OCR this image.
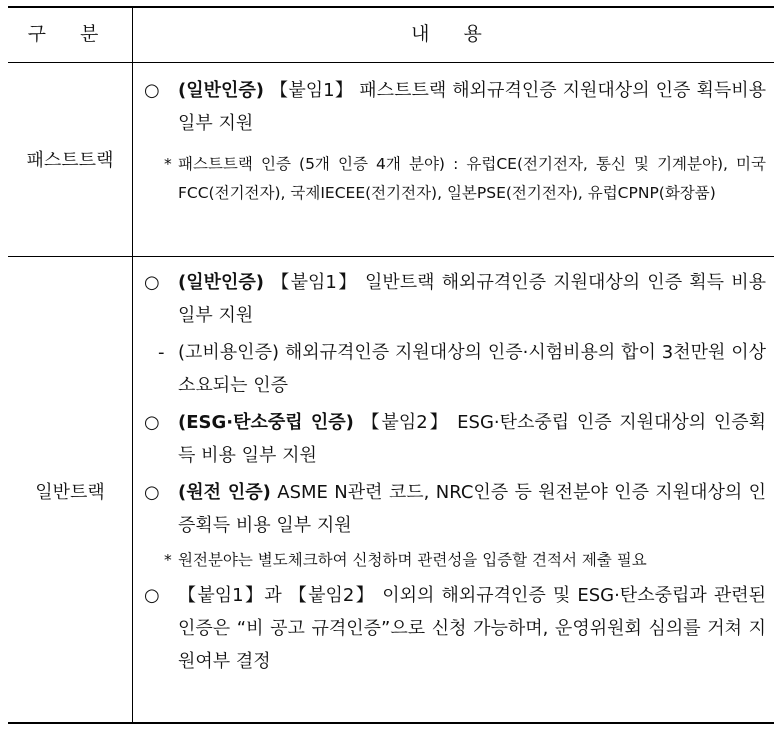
구 분	내 용
패스트트랙
○ (일반인증) 【붙임1】 패스트트랙 해외규격인증 지원대상의 인증 획득비용 일부 지원
* 패스트트랙 인증 (5개 인증 4개 분야) : 유럽CE(전기전자, 통신 및 기계분야), 미국FCC(전기전자), 국제IECEE(전기전자), 일본PSE(전기전자), 유럽CPNP(화장품)
일반트랙
○ (일반인증) 【붙임1】 일반트랙 해외규격인증 지원대상의 인증 획득 비용 일부 지원
- (고비용인증) 해외규격인증 지원대상의 인증·시험비용의 합이 3천만원 이상 소요되는 인증
○ (ESG·탄소중립 인증) 【붙임2】 ESG·탄소중립 인증 지원대상의 인증획득 비용 일부 지원
○ (원전 인증) ASME N관련 코드, NRC인증 등 원전분야 인증 지원대상의 인증획득 비용 일부 지원
* 원전분야는 별도체크하여 신청하며 관련성을 입증할 견적서 제출 필요
○ 【붙임1】과 【붙임2】 이외의 해외규격인증 및 ESG·탄소중립과 관련된 인증은 “비 공고 규격인증”으로 신청 가능하며, 운영위원회 심의를 거쳐 지원여부 결정
